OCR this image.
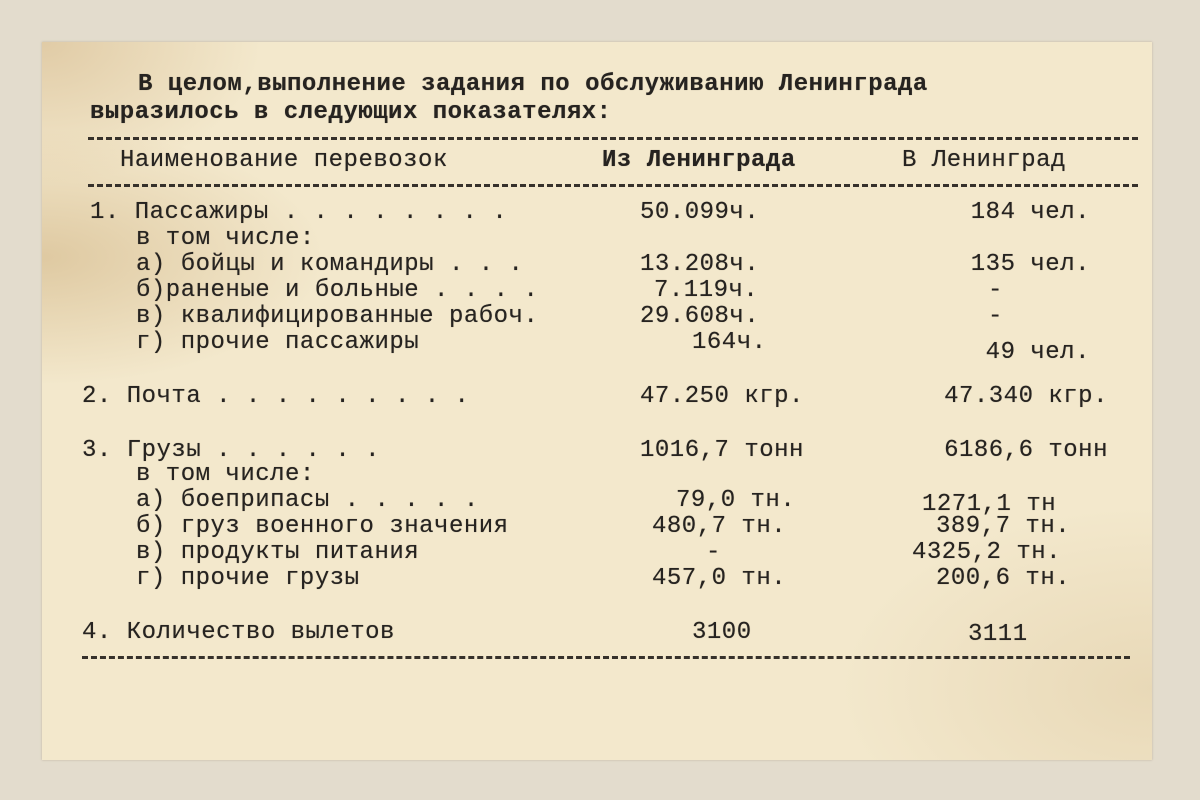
В целом,выполнение задания по обслуживанию Ленинграда
выразилось в следующих показателях:
Наименование перевозок	Из Ленинграда	В Ленинград
1. Пассажиры . . . . . . . .	50.099ч.	184 чел.
в том числе:
а) бойцы и командиры . . .	13.208ч.	135 чел.
б)раненые и больные . . . .	7.119ч.	-
в) квалифицированные рабоч.	29.608ч.	-
г) прочие пассажиры	164ч.	49 чел.
2. Почта . . . . . . . . .	47.250 кгр.	47.340 кгр.
3. Грузы . . . . . .	1016,7 тонн	6186,6 тонн
в том числе:
а) боеприпасы . . . . .	79,0 тн.	1271,1 тн
б) груз военного значения	480,7 тн.	389,7 тн.
в) продукты питания	-	4325,2 тн.
г) прочие грузы	457,0 тн.	200,6 тн.
4. Количество вылетов	3100	3111
